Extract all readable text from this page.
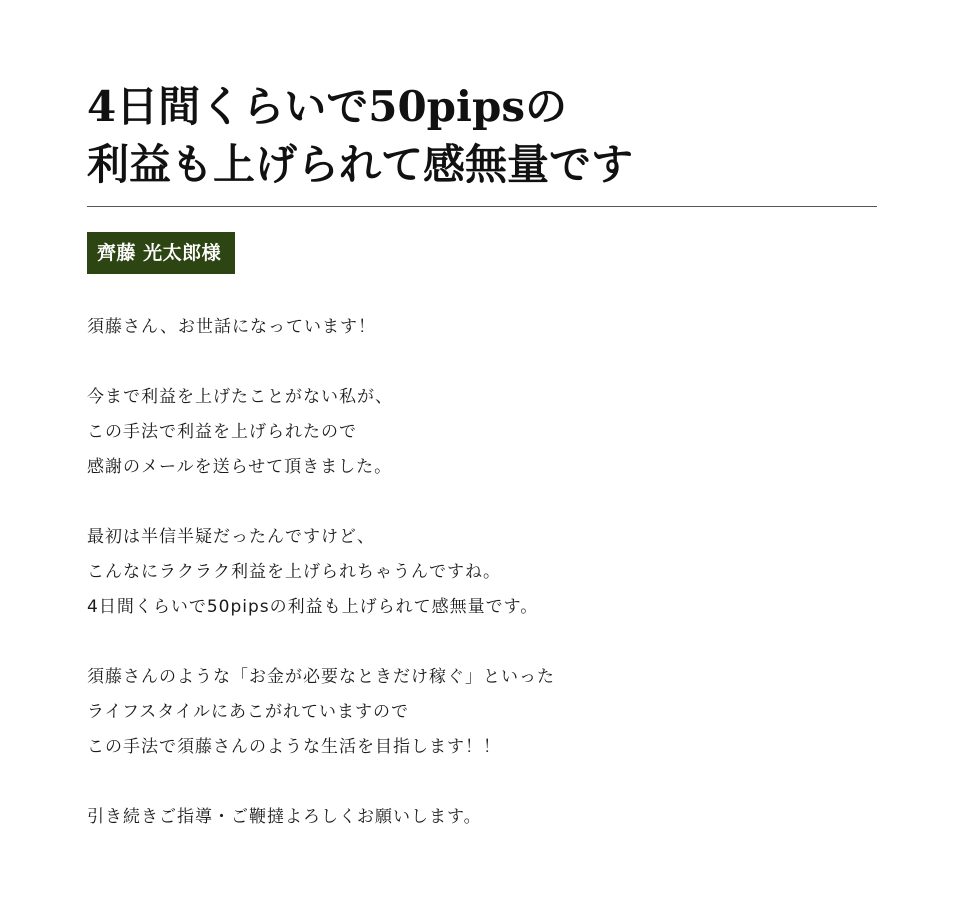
4日間くらいで50pipsの
利益も上げられて感無量です
齊藤 光太郎様

須藤さん、お世話になっています！

今まで利益を上げたことがない私が、
この手法で利益を上げられたので
感謝のメールを送らせて頂きました。

最初は半信半疑だったんですけど、
こんなにラクラク利益を上げられちゃうんですね。
4日間くらいで50pipsの利益も上げられて感無量です。

須藤さんのような「お金が必要なときだけ稼ぐ」といった
ライフスタイルにあこがれていますので
この手法で須藤さんのような生活を目指します！！

引き続きご指導・ご鞭撻よろしくお願いします。
